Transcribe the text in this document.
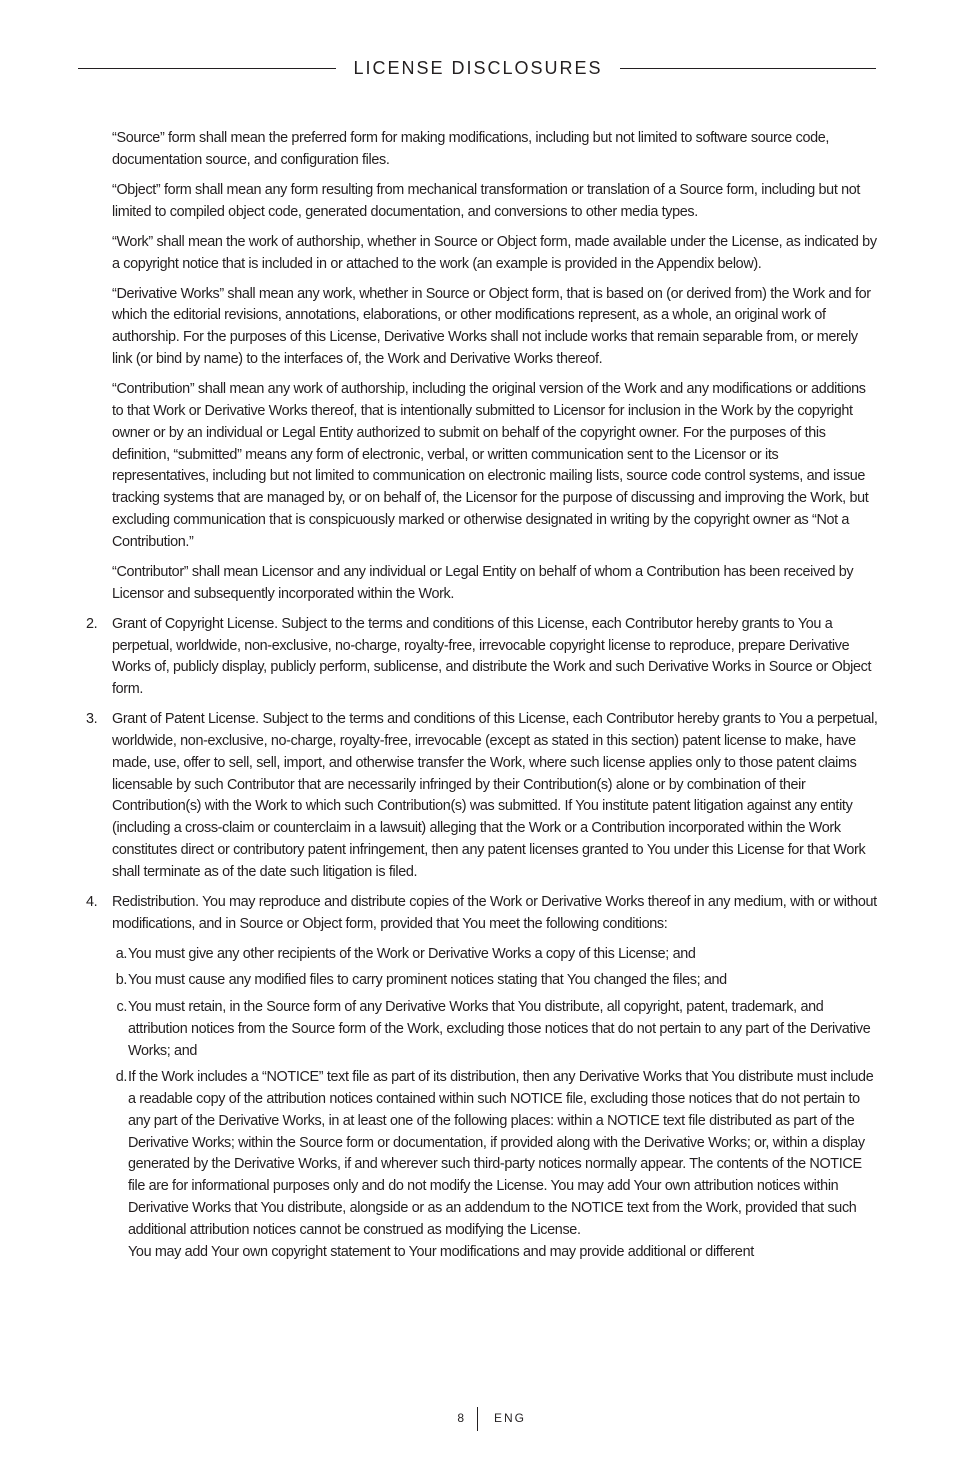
LICENSE DISCLOSURES

“Source” form shall mean the preferred form for making modifications, including but not limited to software source code, documentation source, and configuration files.

“Object” form shall mean any form resulting from mechanical transformation or translation of a Source form, including but not limited to compiled object code, generated documentation, and conversions to other media types.

“Work” shall mean the work of authorship, whether in Source or Object form, made available under the License, as indicated by a copyright notice that is included in or attached to the work (an example is provided in the Appendix below).

“Derivative Works” shall mean any work, whether in Source or Object form, that is based on (or derived from) the Work and for which the editorial revisions, annotations, elaborations, or other modifications represent, as a whole, an original work of authorship. For the purposes of this License, Derivative Works shall not include works that remain separable from, or merely link (or bind by name) to the interfaces of, the Work and Derivative Works thereof.

“Contribution” shall mean any work of authorship, including the original version of the Work and any modifications or additions to that Work or Derivative Works thereof, that is intentionally submitted to Licensor for inclusion in the Work by the copyright owner or by an individual or Legal Entity authorized to submit on behalf of the copyright owner. For the purposes of this definition, “submitted” means any form of electronic, verbal, or written communication sent to the Licensor or its representatives, including but not limited to communication on electronic mailing lists, source code control systems, and issue tracking systems that are managed by, or on behalf of, the Licensor for the purpose of discussing and improving the Work, but excluding communication that is conspicuously marked or otherwise designated in writing by the copyright owner as “Not a Contribution.”

“Contributor” shall mean Licensor and any individual or Legal Entity on behalf of whom a Contribution has been received by Licensor and subsequently incorporated within the Work.

2.	Grant of Copyright License. Subject to the terms and conditions of this License, each Contributor hereby grants to You a perpetual, worldwide, non-exclusive, no-charge, royalty-free, irrevocable copyright license to reproduce, prepare Derivative Works of, publicly display, publicly perform, sublicense, and distribute the Work and such Derivative Works in Source or Object form.
3.	Grant of Patent License. Subject to the terms and conditions of this License, each Contributor hereby grants to You a perpetual, worldwide, non-exclusive, no-charge, royalty-free, irrevocable (except as stated in this section) patent license to make, have made, use, offer to sell, sell, import, and otherwise transfer the Work, where such license applies only to those patent claims licensable by such Contributor that are necessarily infringed by their Contribution(s) alone or by combination of their Contribution(s) with the Work to which such Contribution(s) was submitted. If You institute patent litigation against any entity (including a cross-claim or counterclaim in a lawsuit) alleging that the Work or a Contribution incorporated within the Work constitutes direct or contributory patent infringement, then any patent licenses granted to You under this License for that Work shall terminate as of the date such litigation is filed.
4.	Redistribution. You may reproduce and distribute copies of the Work or Derivative Works thereof in any medium, with or without modifications, and in Source or Object form, provided that You meet the following conditions:
a. You must give any other recipients of the Work or Derivative Works a copy of this License; and
b. You must cause any modified files to carry prominent notices stating that You changed the files; and
c. You must retain, in the Source form of any Derivative Works that You distribute, all copyright, patent, trademark, and attribution notices from the Source form of the Work, excluding those notices that do not pertain to any part of the Derivative Works; and
d. If the Work includes a “NOTICE” text file as part of its distribution, then any Derivative Works that You distribute must include a readable copy of the attribution notices contained within such NOTICE file, excluding those notices that do not pertain to any part of the Derivative Works, in at least one of the following places: within a NOTICE text file distributed as part of the Derivative Works; within the Source form or documentation, if provided along with the Derivative Works; or, within a display generated by the Derivative Works, if and wherever such third-party notices normally appear. The contents of the NOTICE file are for informational purposes only and do not modify the License. You may add Your own attribution notices within Derivative Works that You distribute, alongside or as an addendum to the NOTICE text from the Work, provided that such additional attribution notices cannot be construed as modifying the License.
You may add Your own copyright statement to Your modifications and may provide additional or different
8 ENG
